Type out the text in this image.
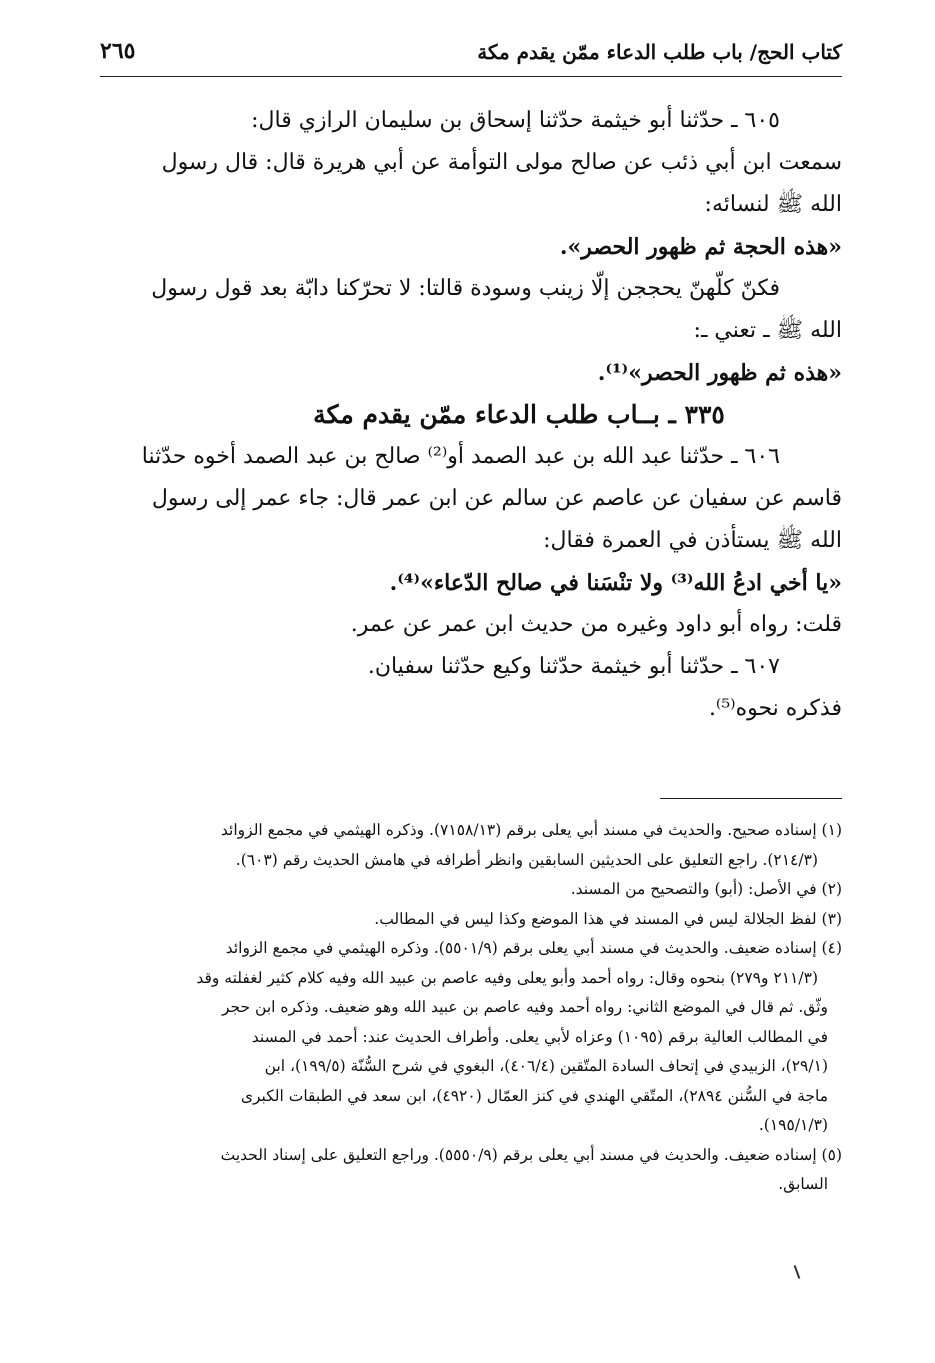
كتاب الحج/ باب طلب الدعاء ممّن يقدم مكة
٢٦٥
٦٠٥ ـ حدّثنا أبو خيثمة حدّثنا إسحاق بن سليمان الرازي قال:
سمعت ابن أبي ذئب عن صالح مولى التوأمة عن أبي هريرة قال: قال رسول
الله ﷺ لنسائه:
«هذه الحجة ثم ظهور الحصر».
فكنّ كلّهنّ يحججن إلّا زينب وسودة قالتا: لا تحرّكنا دابّة بعد قول رسول
الله ﷺ ـ تعني ـ:
«هذه ثم ظهور الحصر»⁽¹⁾.
٣٣٥ ـ بــاب طلب الدعاء ممّن يقدم مكة
٦٠٦ ـ حدّثنا عبد الله بن عبد الصمد أو⁽²⁾ صالح بن عبد الصمد أخوه حدّثنا
قاسم عن سفيان عن عاصم عن سالم عن ابن عمر قال: جاء عمر إلى رسول
الله ﷺ يستأذن في العمرة فقال:
«يا أخي ادعُ الله⁽³⁾ ولا تنْسَنا في صالح الدّعاء»⁽⁴⁾.
قلت: رواه أبو داود وغيره من حديث ابن عمر عن عمر.
٦٠٧ ـ حدّثنا أبو خيثمة حدّثنا وكيع حدّثنا سفيان.
فذكره نحوه⁽⁵⁾.
(١) إسناده صحيح. والحديث في مسند أبي يعلى برقم (٧١٥٨/١٣). وذكره الهيثمي في مجمع الزوائد
(٢١٤/٣). راجع التعليق على الحديثين السابقين وانظر أطرافه في هامش الحديث رقم (٦٠٣).
(٢) في الأصل: (أبو) والتصحيح من المسند.
(٣) لفظ الجلالة ليس في المسند في هذا الموضع وكذا ليس في المطالب.
(٤) إسناده ضعيف. والحديث في مسند أبي يعلى برقم (٥٥٠١/٩). وذكره الهيثمي في مجمع الزوائد
(٢١١/٣ و٢٧٩) بنحوه وقال: رواه أحمد وأبو يعلى وفيه عاصم بن عبيد الله وفيه كلام كثير لغفلته وقد
وثّق. ثم قال في الموضع الثاني: رواه أحمد وفيه عاصم بن عبيد الله وهو ضعيف. وذكره ابن حجر
في المطالب العالية برقم (١٠٩٥) وعزاه لأبي يعلى. وأطراف الحديث عند: أحمد في المسند
(٢٩/١)، الزبيدي في إتحاف السادة المتّقين (٤٠٦/٤)، البغوي في شرح السُّنّة (١٩٩/٥)، ابن
ماجة في السُّنن ٢٨٩٤)، المتّقي الهندي في كنز العمّال (٤٩٢٠)، ابن سعد في الطبقات الكبرى
(١٩٥/١/٣).
(٥) إسناده ضعيف. والحديث في مسند أبي يعلى برقم (٥٥٥٠/٩). وراجع التعليق على إسناد الحديث
السابق.
